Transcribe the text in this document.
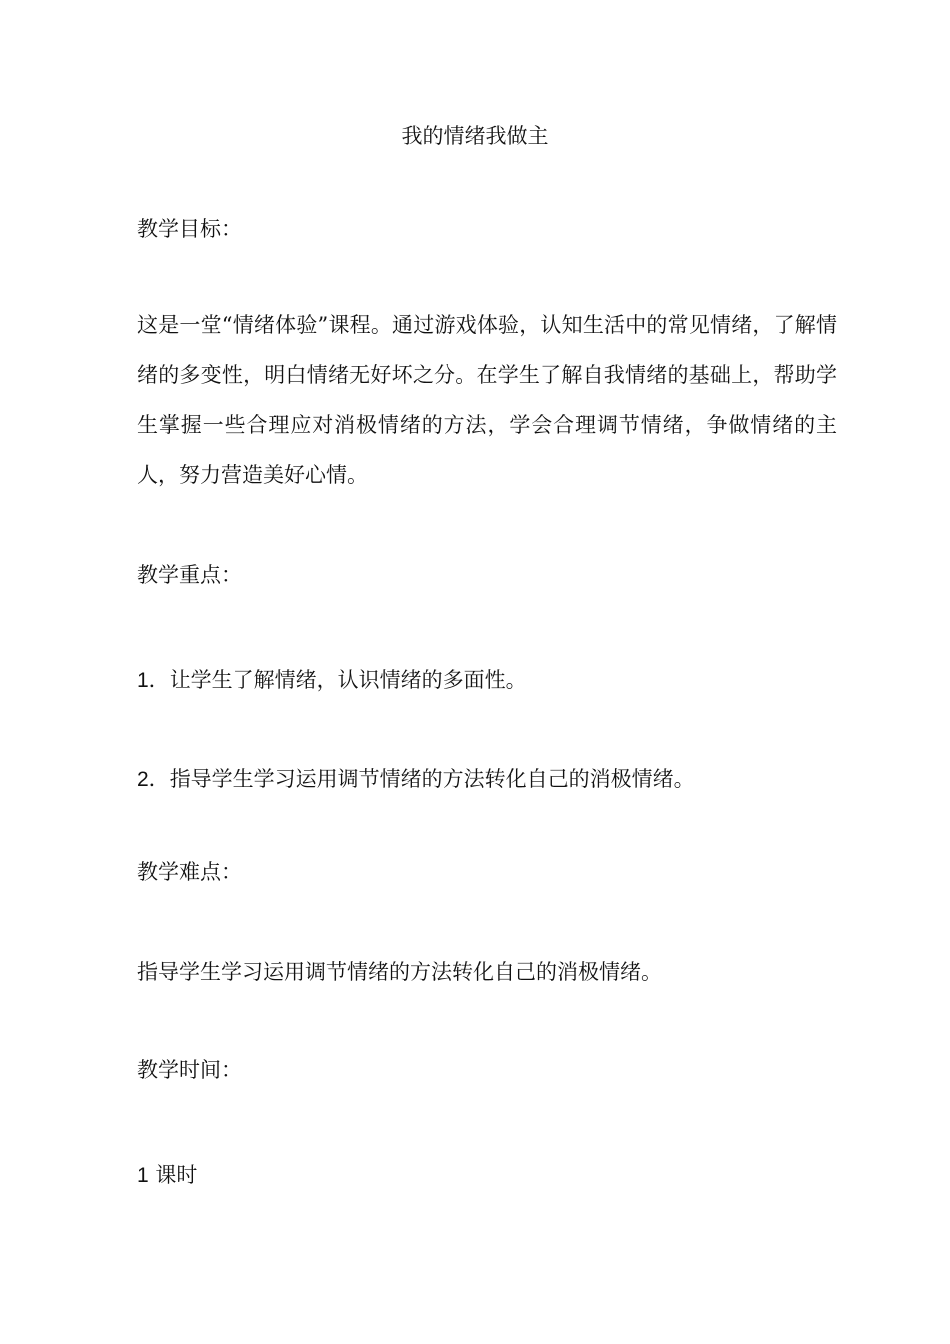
我的情绪我做主
教学目标：
这是一堂“情绪体验”课程。通过游戏体验，认知生活中的常见情绪，了解情绪的多变性，明白情绪无好坏之分。在学生了解自我情绪的基础上，帮助学生掌握一些合理应对消极情绪的方法，学会合理调节情绪，争做情绪的主人，努力营造美好心情。
教学重点：
1．让学生了解情绪，认识情绪的多面性。
2．指导学生学习运用调节情绪的方法转化自己的消极情绪。
教学难点：
指导学生学习运用调节情绪的方法转化自己的消极情绪。
教学时间：
1 课时
